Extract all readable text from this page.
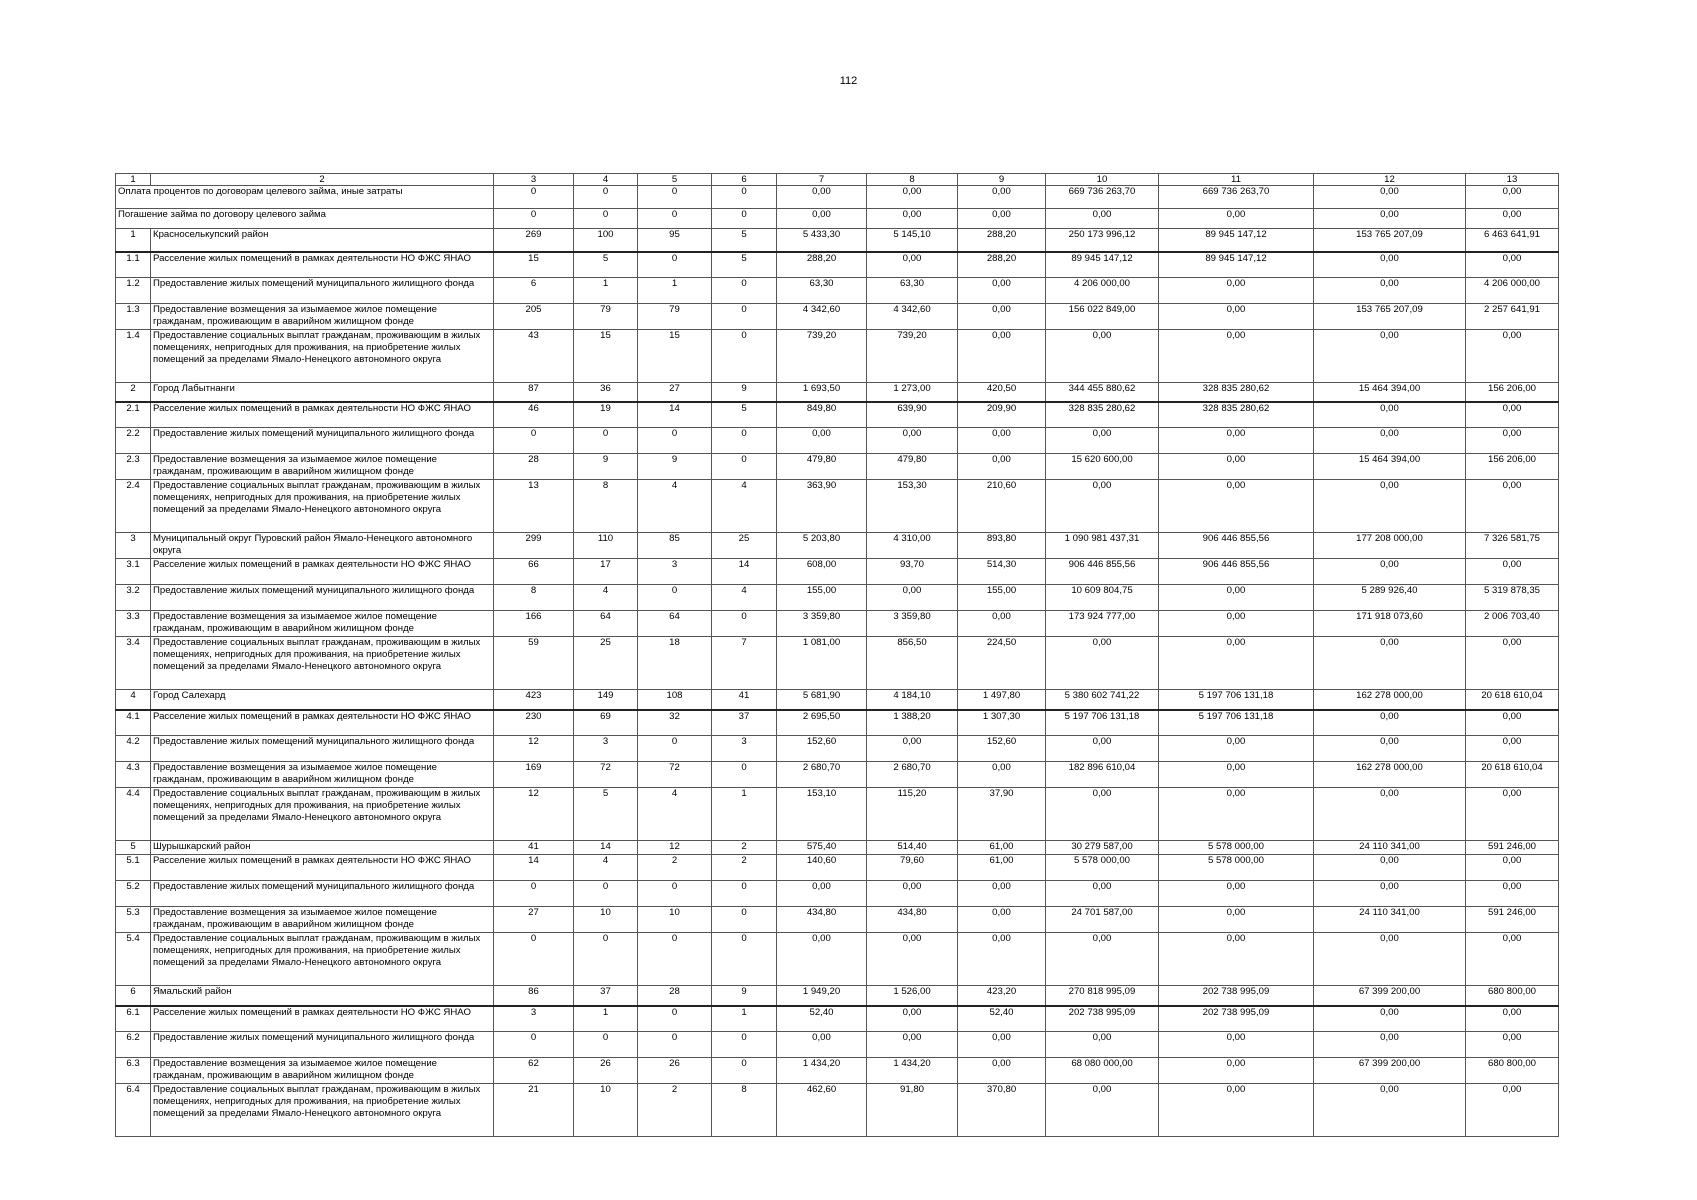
112
1	2	3	4	5	6	7	8	9	10	11	12	13
Оплата процентов по договорам целевого займа, иные затраты		0	0	0	0	0,00	0,00	0,00	669 736 263,70	669 736 263,70	0,00	0,00
Погашение займа по договору целевого займа		0	0	0	0	0,00	0,00	0,00	0,00	0,00	0,00	0,00
1	Красноселькупский район	269	100	95	5	5 433,30	5 145,10	288,20	250 173 996,12	89 945 147,12	153 765 207,09	6 463 641,91
1.1	Расселение жилых помещений в рамках деятельности НО ФЖС ЯНАО	15	5	0	5	288,20	0,00	288,20	89 945 147,12	89 945 147,12	0,00	0,00
1.2	Предоставление жилых помещений муниципального жилищного фонда	6	1	1	0	63,30	63,30	0,00	4 206 000,00	0,00	0,00	4 206 000,00
1.3	Предоставление возмещения за изымаемое жилое помещение гражданам, проживающим в аварийном жилищном фонде	205	79	79	0	4 342,60	4 342,60	0,00	156 022 849,00	0,00	153 765 207,09	2 257 641,91
1.4	Предоставление социальных выплат гражданам, проживающим в жилых помещениях, непригодных для проживания, на приобретение жилых помещений за пределами Ямало-Ненецкого автономного округа	43	15	15	0	739,20	739,20	0,00	0,00	0,00	0,00	0,00
2	Город Лабытнанги	87	36	27	9	1 693,50	1 273,00	420,50	344 455 880,62	328 835 280,62	15 464 394,00	156 206,00
2.1	Расселение жилых помещений в рамках деятельности НО ФЖС ЯНАО	46	19	14	5	849,80	639,90	209,90	328 835 280,62	328 835 280,62	0,00	0,00
2.2	Предоставление жилых помещений муниципального жилищного фонда	0	0	0	0	0,00	0,00	0,00	0,00	0,00	0,00	0,00
2.3	Предоставление возмещения за изымаемое жилое помещение гражданам, проживающим в аварийном жилищном фонде	28	9	9	0	479,80	479,80	0,00	15 620 600,00	0,00	15 464 394,00	156 206,00
2.4	Предоставление социальных выплат гражданам, проживающим в жилых помещениях, непригодных для проживания, на приобретение жилых помещений за пределами Ямало-Ненецкого автономного округа	13	8	4	4	363,90	153,30	210,60	0,00	0,00	0,00	0,00
3	Муниципальный округ Пуровский район Ямало-Ненецкого автономного округа	299	110	85	25	5 203,80	4 310,00	893,80	1 090 981 437,31	906 446 855,56	177 208 000,00	7 326 581,75
3.1	Расселение жилых помещений в рамках деятельности НО ФЖС ЯНАО	66	17	3	14	608,00	93,70	514,30	906 446 855,56	906 446 855,56	0,00	0,00
3.2	Предоставление жилых помещений муниципального жилищного фонда	8	4	0	4	155,00	0,00	155,00	10 609 804,75	0,00	5 289 926,40	5 319 878,35
3.3	Предоставление возмещения за изымаемое жилое помещение гражданам, проживающим в аварийном жилищном фонде	166	64	64	0	3 359,80	3 359,80	0,00	173 924 777,00	0,00	171 918 073,60	2 006 703,40
3.4	Предоставление социальных выплат гражданам, проживающим в жилых помещениях, непригодных для проживания, на приобретение жилых помещений за пределами Ямало-Ненецкого автономного округа	59	25	18	7	1 081,00	856,50	224,50	0,00	0,00	0,00	0,00
4	Город Салехард	423	149	108	41	5 681,90	4 184,10	1 497,80	5 380 602 741,22	5 197 706 131,18	162 278 000,00	20 618 610,04
4.1	Расселение жилых помещений в рамках деятельности НО ФЖС ЯНАО	230	69	32	37	2 695,50	1 388,20	1 307,30	5 197 706 131,18	5 197 706 131,18	0,00	0,00
4.2	Предоставление жилых помещений муниципального жилищного фонда	12	3	0	3	152,60	0,00	152,60	0,00	0,00	0,00	0,00
4.3	Предоставление возмещения за изымаемое жилое помещение гражданам, проживающим в аварийном жилищном фонде	169	72	72	0	2 680,70	2 680,70	0,00	182 896 610,04	0,00	162 278 000,00	20 618 610,04
4.4	Предоставление социальных выплат гражданам, проживающим в жилых помещениях, непригодных для проживания, на приобретение жилых помещений за пределами Ямало-Ненецкого автономного округа	12	5	4	1	153,10	115,20	37,90	0,00	0,00	0,00	0,00
5	Шурышкарский район	41	14	12	2	575,40	514,40	61,00	30 279 587,00	5 578 000,00	24 110 341,00	591 246,00
5.1	Расселение жилых помещений в рамках деятельности НО ФЖС ЯНАО	14	4	2	2	140,60	79,60	61,00	5 578 000,00	5 578 000,00	0,00	0,00
5.2	Предоставление жилых помещений муниципального жилищного фонда	0	0	0	0	0,00	0,00	0,00	0,00	0,00	0,00	0,00
5.3	Предоставление возмещения за изымаемое жилое помещение гражданам, проживающим в аварийном жилищном фонде	27	10	10	0	434,80	434,80	0,00	24 701 587,00	0,00	24 110 341,00	591 246,00
5.4	Предоставление социальных выплат гражданам, проживающим в жилых помещениях, непригодных для проживания, на приобретение жилых помещений за пределами Ямало-Ненецкого автономного округа	0	0	0	0	0,00	0,00	0,00	0,00	0,00	0,00	0,00
6	Ямальский район	86	37	28	9	1 949,20	1 526,00	423,20	270 818 995,09	202 738 995,09	67 399 200,00	680 800,00
6.1	Расселение жилых помещений в рамках деятельности НО ФЖС ЯНАО	3	1	0	1	52,40	0,00	52,40	202 738 995,09	202 738 995,09	0,00	0,00
6.2	Предоставление жилых помещений муниципального жилищного фонда	0	0	0	0	0,00	0,00	0,00	0,00	0,00	0,00	0,00
6.3	Предоставление возмещения за изымаемое жилое помещение гражданам, проживающим в аварийном жилищном фонде	62	26	26	0	1 434,20	1 434,20	0,00	68 080 000,00	0,00	67 399 200,00	680 800,00
6.4	Предоставление социальных выплат гражданам, проживающим в жилых помещениях, непригодных для проживания, на приобретение жилых помещений за пределами Ямало-Ненецкого автономного округа	21	10	2	8	462,60	91,80	370,80	0,00	0,00	0,00	0,00
